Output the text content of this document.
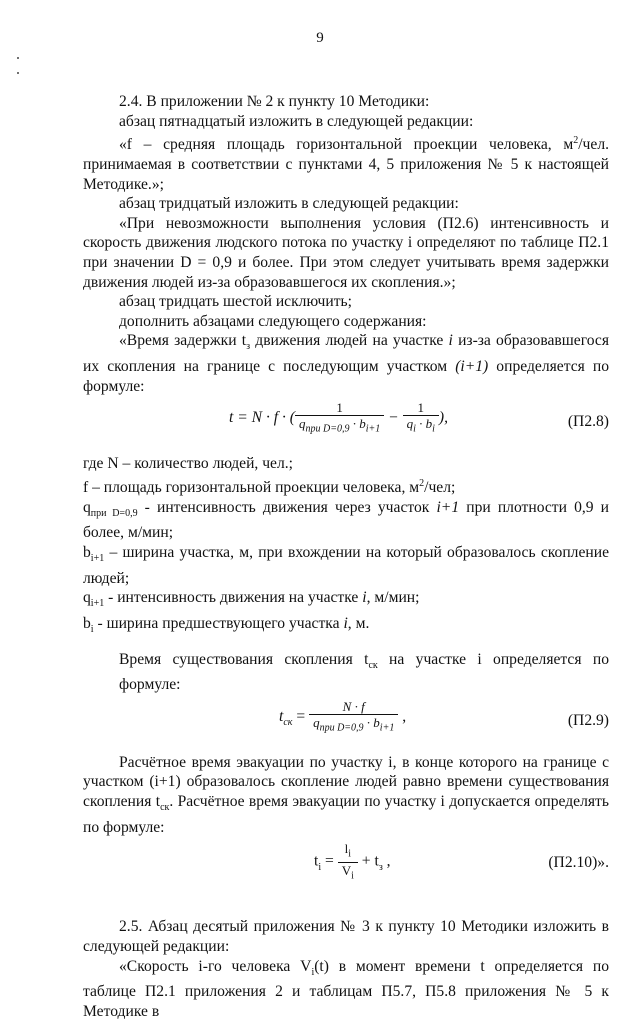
9

2.4. В приложении № 2 к пункту 10 Методики:

абзац пятнадцатый изложить в следующей редакции:

«f – средняя площадь горизонтальной проекции человека, $м^2$/чел. принимаемая в соответствии с пунктами 4, 5 приложения № 5 к настоящей Методике.»;

абзац тридцатый изложить в следующей редакции:

«При невозможности выполнения условия (П2.6) интенсивность и скорость движения людского потока по участку i определяют по таблице П2.1 при значении D = 0,9 и более. При этом следует учитывать время задержки движения людей из-за образовавшегося их скопления.»;

абзац тридцать шестой исключить;

дополнить абзацами следующего содержания:

«Время задержки $t_з$ движения людей на участке i из-за образовавшегося их скопления на границе с последующим участком (i+1) определяется по формуле:

t = N · f · ( $\frac{1}{q_{при D=0,9} \cdot b_{i+1}} - \frac{1}{q_i \cdot b_i}$ ),	(П2.8)

где N – количество людей, чел.;

f – площадь горизонтальной проекции человека, $м^2$/чел;

$q_{при D=0,9}$ - интенсивность движения через участок i+1 при плотности 0,9 и более, м/мин;

$b_{i+1}$ – ширина участка, м, при вхождении на который образовалось скопление людей;

$q_{i+1}$ - интенсивность движения на участке i, м/мин;

$b_i$ - ширина предшествующего участка i, м.

Время существования скопления $t_{ск}$ на участке i определяется по формуле:

$t_{ск} = \frac{N \cdot f}{q_{при D=0,9} \cdot b_{i+1}}$ ,	(П2.9)

Расчётное время эвакуации по участку i, в конце которого на границе с участком (i+1) образовалось скопление людей равно времени существования скопления $t_{ск}$. Расчётное время эвакуации по участку i допускается определять по формуле:

$t_i = \frac{l_i}{V_i} + t_з$ ,	(П2.10)».

2.5. Абзац десятый приложения № 3 к пункту 10 Методики изложить в следующей редакции:

«Скорость i-го человека $V_i(t)$ в момент времени t определяется по таблице П2.1 приложения 2 и таблицам П5.7, П5.8 приложения № 5 к Методике в
